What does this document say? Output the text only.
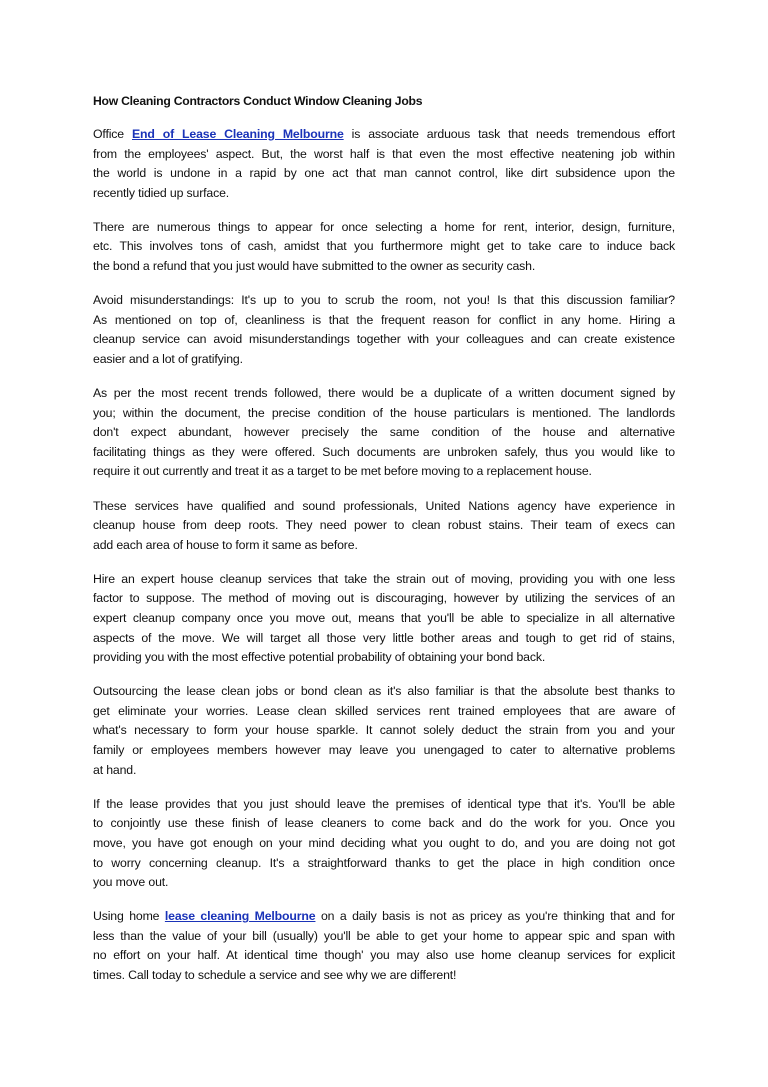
How Cleaning Contractors Conduct Window Cleaning Jobs
Office End of Lease Cleaning Melbourne is associate arduous task that needs tremendous effort
from the employees' aspect. But, the worst half is that even the most effective neatening job within
the world is undone in a rapid by one act that man cannot control, like dirt subsidence upon the
recently tidied up surface.
There are numerous things to appear for once selecting a home for rent, interior, design, furniture,
etc. This involves tons of cash, amidst that you furthermore might get to take care to induce back
the bond a refund that you just would have submitted to the owner as security cash.
Avoid misunderstandings: It's up to you to scrub the room, not you! Is that this discussion familiar?
As mentioned on top of, cleanliness is that the frequent reason for conflict in any home. Hiring a
cleanup service can avoid misunderstandings together with your colleagues and can create existence
easier and a lot of gratifying.
As per the most recent trends followed, there would be a duplicate of a written document signed by
you; within the document, the precise condition of the house particulars is mentioned. The landlords
don't expect abundant, however precisely the same condition of the house and alternative
facilitating things as they were offered. Such documents are unbroken safely, thus you would like to
require it out currently and treat it as a target to be met before moving to a replacement house.
These services have qualified and sound professionals, United Nations agency have experience in
cleanup house from deep roots. They need power to clean robust stains. Their team of execs can
add each area of house to form it same as before.
Hire an expert house cleanup services that take the strain out of moving, providing you with one less
factor to suppose. The method of moving out is discouraging, however by utilizing the services of an
expert cleanup company once you move out, means that you'll be able to specialize in all alternative
aspects of the move. We will target all those very little bother areas and tough to get rid of stains,
providing you with the most effective potential probability of obtaining your bond back.
Outsourcing the lease clean jobs or bond clean as it's also familiar is that the absolute best thanks to
get eliminate your worries. Lease clean skilled services rent trained employees that are aware of
what's necessary to form your house sparkle. It cannot solely deduct the strain from you and your
family or employees members however may leave you unengaged to cater to alternative problems
at hand.
If the lease provides that you just should leave the premises of identical type that it's. You'll be able
to conjointly use these finish of lease cleaners to come back and do the work for you. Once you
move, you have got enough on your mind deciding what you ought to do, and you are doing not got
to worry concerning cleanup. It's a straightforward thanks to get the place in high condition once
you move out.
Using home lease cleaning Melbourne on a daily basis is not as pricey as you're thinking that and for
less than the value of your bill (usually) you'll be able to get your home to appear spic and span with
no effort on your half. At identical time though' you may also use home cleanup services for explicit
times. Call today to schedule a service and see why we are different!
